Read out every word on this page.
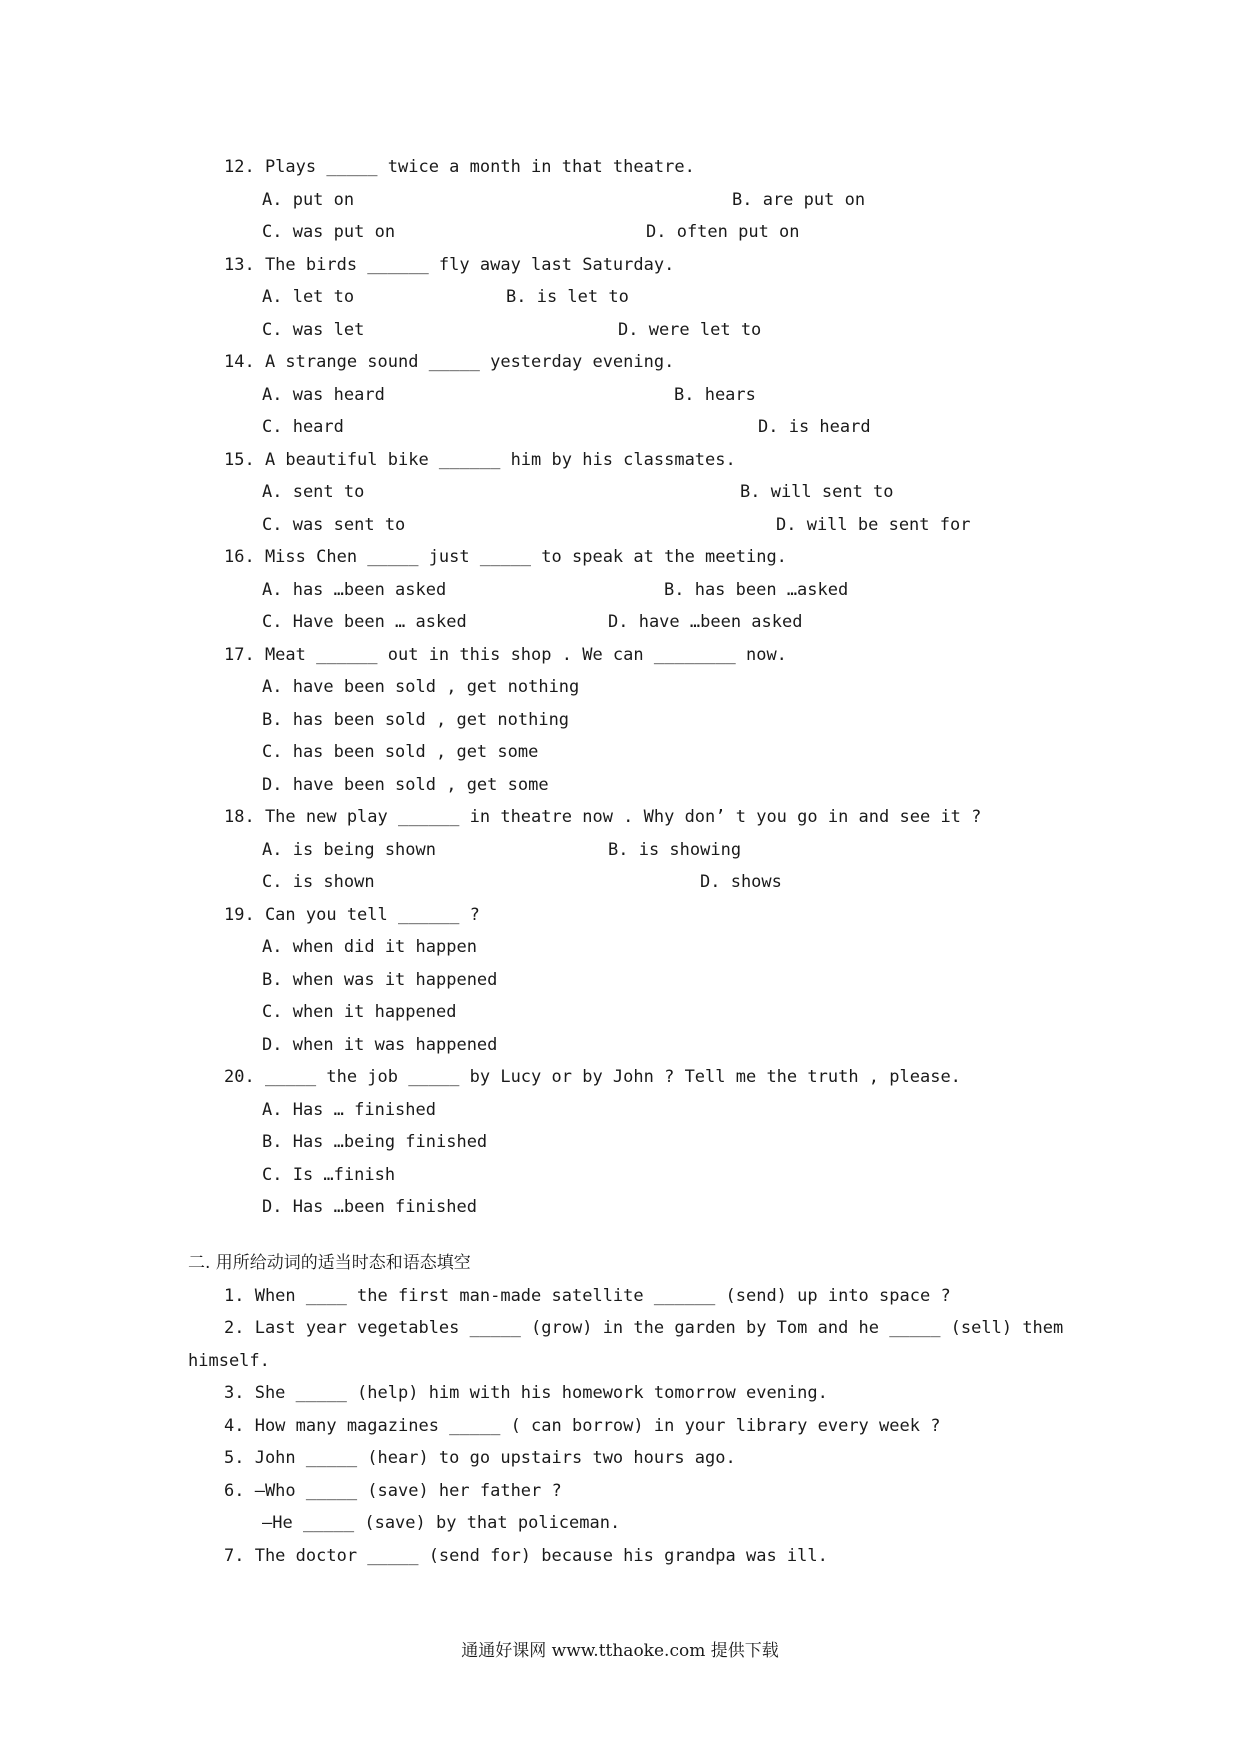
12. Plays _____ twice a month in that theatre.
A. put on	B. are put on
C. was put on	D. often put on
13. The birds ______ fly away last Saturday.
A. let to	B. is let to
C. was let	D. were let to
14. A strange sound _____ yesterday evening.
A. was heard	B. hears
C. heard	D. is heard
15. A beautiful bike ______ him by his classmates.
A. sent to	B. will sent to
C. was sent to	D. will be sent for
16. Miss Chen _____ just _____ to speak at the meeting.
A. has …been asked	B. has been …asked
C. Have been … asked	D. have …been asked
17. Meat ______ out in this shop . We can ________ now.
A. have been sold , get nothing
B. has been sold , get nothing
C. has been sold , get some
D. have been sold , get some
18. The new play ______ in theatre now . Why don’ t you go in and see it ?
A. is being shown	B. is showing
C. is shown	D. shows
19. Can you tell ______ ?
A. when did it happen
B. when was it happened
C. when it happened
D. when it was happened
20. _____ the job _____ by Lucy or by John ? Tell me the truth , please.
A. Has … finished
B. Has …being finished
C. Is …finish
D. Has …been finished
二. 用所给动词的适当时态和语态填空
1. When ____ the first man-made satellite ______ (send) up into space ?
2. Last year vegetables _____ (grow) in the garden by Tom and he _____ (sell) them
himself.
3. She _____ (help) him with his homework tomorrow evening.
4. How many magazines _____ ( can borrow) in your library every week ?
5. John _____ (hear) to go upstairs two hours ago.
6. —Who _____ (save) her father ?
—He _____ (save) by that policeman.
7. The doctor _____ (send for) because his grandpa was ill.
通通好课网 www.tthaoke.com 提供下载
